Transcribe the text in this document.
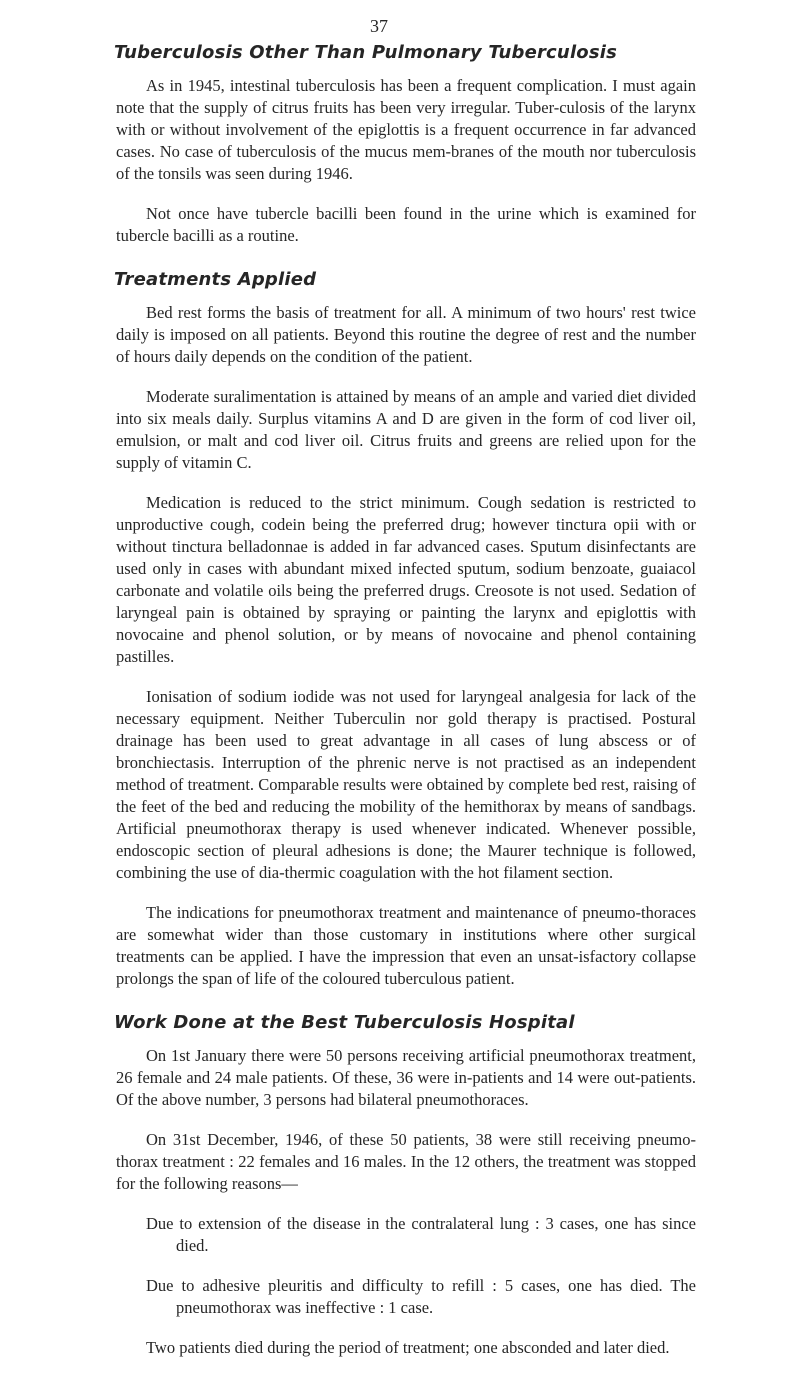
37
Tuberculosis Other Than Pulmonary Tuberculosis

As in 1945, intestinal tuberculosis has been a frequent complication. I must again note that the supply of citrus fruits has been very irregular. Tuber-culosis of the larynx with or without involvement of the epiglottis is a frequent occurrence in far advanced cases. No case of tuberculosis of the mucus mem-branes of the mouth nor tuberculosis of the tonsils was seen during 1946.

Not once have tubercle bacilli been found in the urine which is examined for tubercle bacilli as a routine.

Treatments Applied

Bed rest forms the basis of treatment for all. A minimum of two hours' rest twice daily is imposed on all patients. Beyond this routine the degree of rest and the number of hours daily depends on the condition of the patient.

Moderate suralimentation is attained by means of an ample and varied diet divided into six meals daily. Surplus vitamins A and D are given in the form of cod liver oil, emulsion, or malt and cod liver oil. Citrus fruits and greens are relied upon for the supply of vitamin C.

Medication is reduced to the strict minimum. Cough sedation is restricted to unproductive cough, codein being the preferred drug; however tinctura opii with or without tinctura belladonnae is added in far advanced cases. Sputum disinfectants are used only in cases with abundant mixed infected sputum, sodium benzoate, guaiacol carbonate and volatile oils being the preferred drugs. Creosote is not used. Sedation of laryngeal pain is obtained by spraying or painting the larynx and epiglottis with novocaine and phenol solution, or by means of novocaine and phenol containing pastilles.

Ionisation of sodium iodide was not used for laryngeal analgesia for lack of the necessary equipment. Neither Tuberculin nor gold therapy is practised. Postural drainage has been used to great advantage in all cases of lung abscess or of bronchiectasis. Interruption of the phrenic nerve is not practised as an independent method of treatment. Comparable results were obtained by complete bed rest, raising of the feet of the bed and reducing the mobility of the hemithorax by means of sandbags. Artificial pneumothorax therapy is used whenever indicated. Whenever possible, endoscopic section of pleural adhesions is done; the Maurer technique is followed, combining the use of dia-thermic coagulation with the hot filament section.

The indications for pneumothorax treatment and maintenance of pneumo-thoraces are somewhat wider than those customary in institutions where other surgical treatments can be applied. I have the impression that even an unsat-isfactory collapse prolongs the span of life of the coloured tuberculous patient.

Work Done at the Best Tuberculosis Hospital

On 1st January there were 50 persons receiving artificial pneumothorax treatment, 26 female and 24 male patients. Of these, 36 were in-patients and 14 were out-patients. Of the above number, 3 persons had bilateral pneumothoraces.

On 31st December, 1946, of these 50 patients, 38 were still receiving pneumo-thorax treatment : 22 females and 16 males. In the 12 others, the treatment was stopped for the following reasons—

Due to extension of the disease in the contralateral lung : 3 cases, one has since died.

Due to adhesive pleuritis and difficulty to refill : 5 cases, one has died. The pneumothorax was ineffective : 1 case.

Two patients died during the period of treatment; one absconded and later died.
